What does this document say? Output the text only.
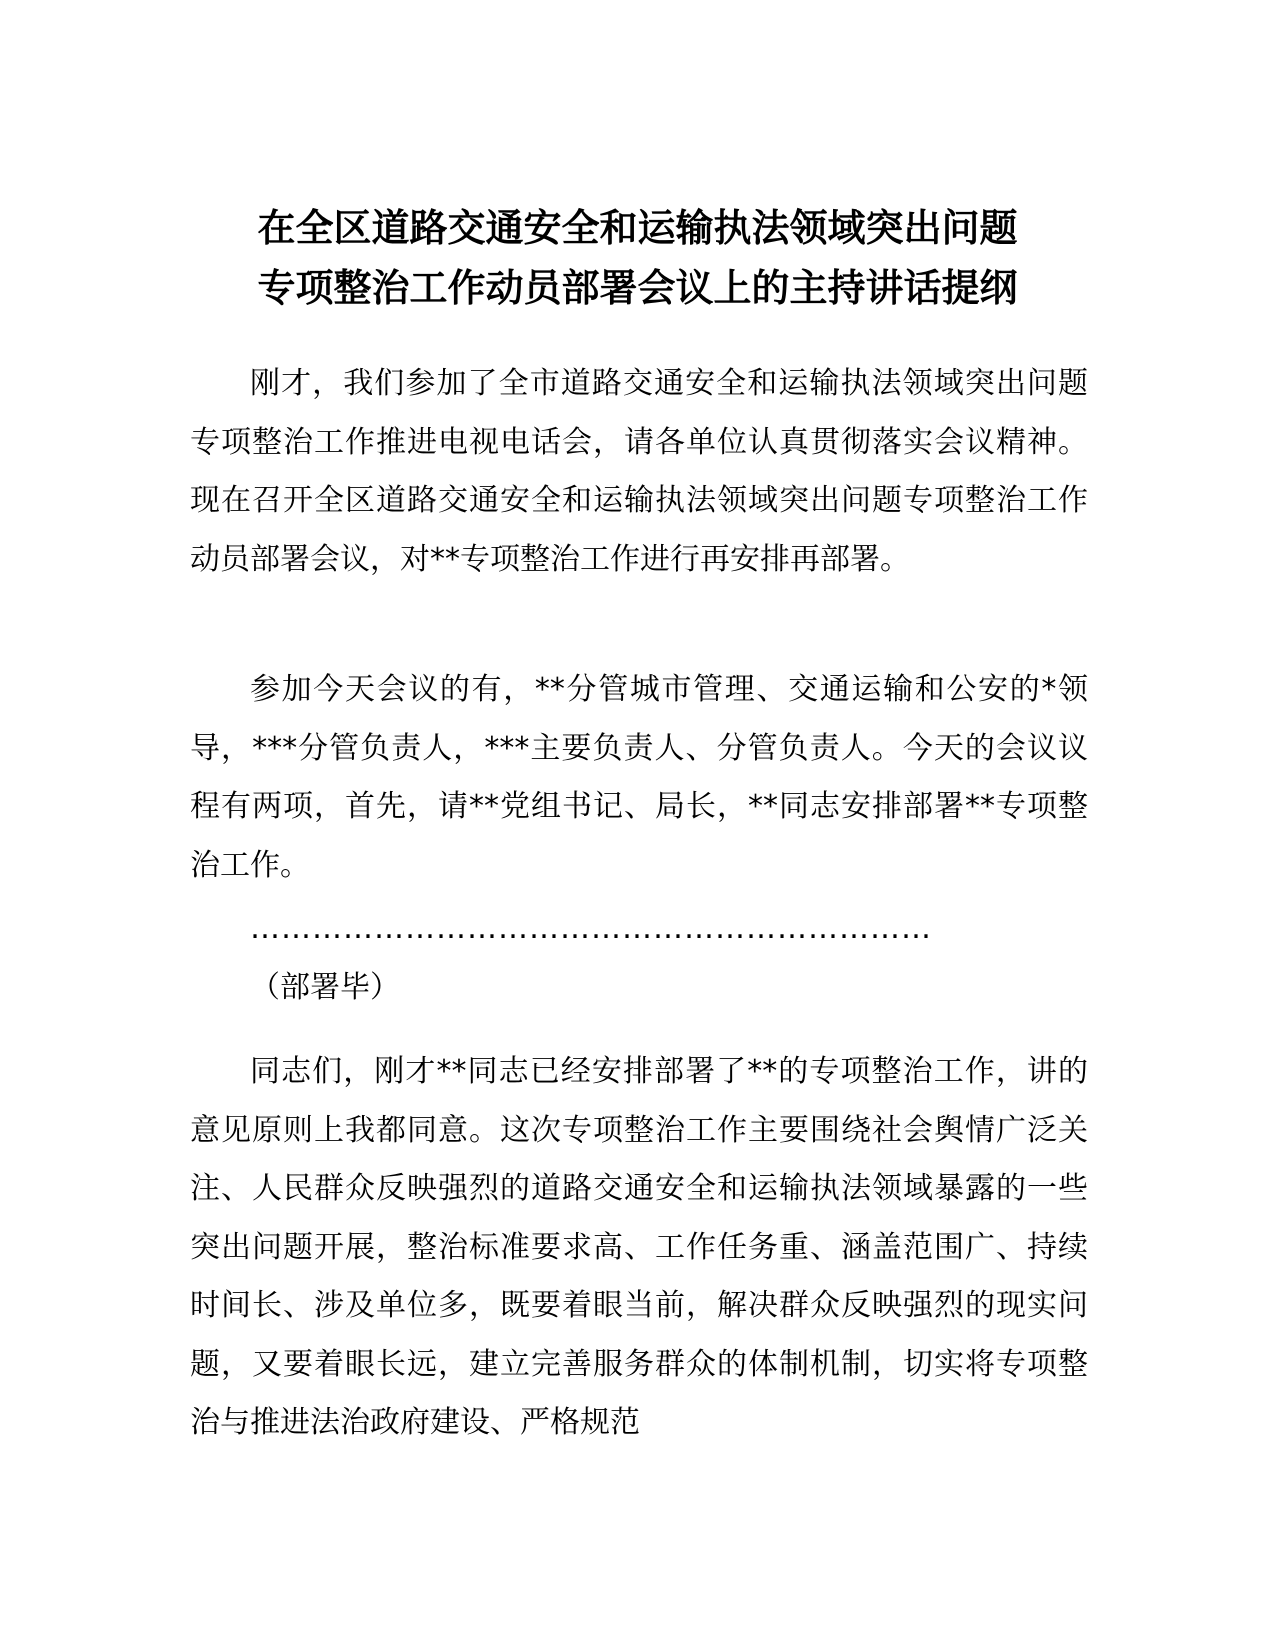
在全区道路交通安全和运输执法领域突出问题
专项整治工作动员部署会议上的主持讲话提纲

刚才，我们参加了全市道路交通安全和运输执法领域突出问题专项整治工作推进电视电话会，请各单位认真贯彻落实会议精神。现在召开全区道路交通安全和运输执法领域突出问题专项整治工作动员部署会议，对**专项整治工作进行再安排再部署。

参加今天会议的有，**分管城市管理、交通运输和公安的*领导，***分管负责人，***主要负责人、分管负责人。今天的会议议程有两项，首先，请**党组书记、局长，**同志安排部署**专项整治工作。

…………………………………………………………

（部署毕）

同志们，刚才**同志已经安排部署了**的专项整治工作，讲的意见原则上我都同意。这次专项整治工作主要围绕社会舆情广泛关注、人民群众反映强烈的道路交通安全和运输执法领域暴露的一些突出问题开展，整治标准要求高、工作任务重、涵盖范围广、持续时间长、涉及单位多，既要着眼当前，解决群众反映强烈的现实问题，又要着眼长远，建立完善服务群众的体制机制，切实将专项整治与推进法治政府建设、严格规范
